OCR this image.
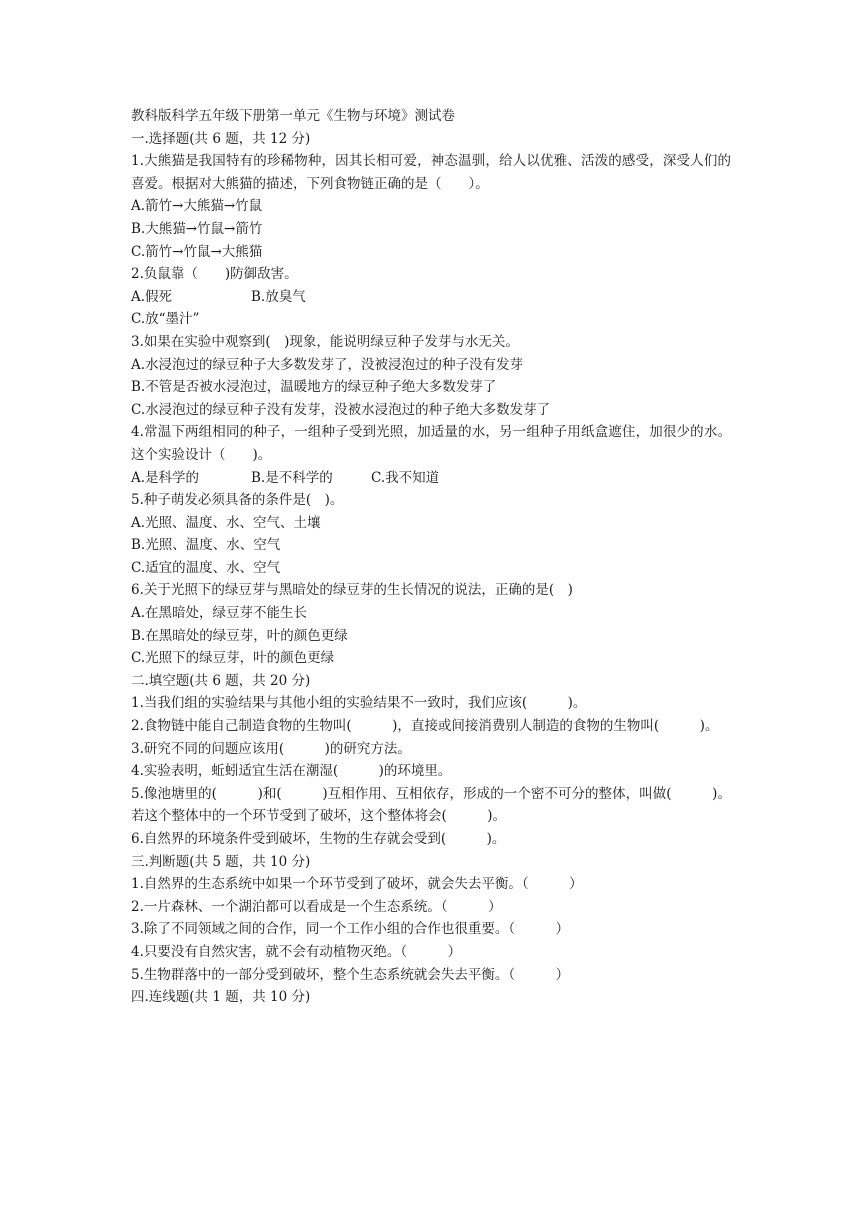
教科版科学五年级下册第一单元《生物与环境》测试卷
一.选择题(共 6 题，共 12 分)
1.大熊猫是我国特有的珍稀物种，因其长相可爱，神态温驯，给人以优雅、活泼的感受，深受人们的喜爱。根据对大熊猫的描述，下列食物链正确的是（　　）。
A.箭竹→大熊猫→竹鼠
B.大熊猫→竹鼠→箭竹
C.箭竹→竹鼠→大熊猫
2.负鼠靠（　　)防御敌害。
A.假死	B.放臭气
C.放“墨汁”
3.如果在实验中观察到(　)现象，能说明绿豆种子发芽与水无关。
A.水浸泡过的绿豆种子大多数发芽了，没被浸泡过的种子没有发芽
B.不管是否被水浸泡过，温暖地方的绿豆种子绝大多数发芽了
C.水浸泡过的绿豆种子没有发芽，没被水浸泡过的种子绝大多数发芽了
4.常温下两组相同的种子，一组种子受到光照，加适量的水，另一组种子用纸盒遮住，加很少的水。这个实验设计（　　)。
A.是科学的	B.是不科学的	C.我不知道
5.种子萌发必须具备的条件是(　)。
A.光照、温度、水、空气、土壤
B.光照、温度、水、空气
C.适宜的温度、水、空气
6.关于光照下的绿豆芽与黑暗处的绿豆芽的生长情况的说法，正确的是(　)
A.在黑暗处，绿豆芽不能生长
B.在黑暗处的绿豆芽，叶的颜色更绿
C.光照下的绿豆芽，叶的颜色更绿
二.填空题(共 6 题，共 20 分)
1.当我们组的实验结果与其他小组的实验结果不一致时，我们应该(　　　)。
2.食物链中能自己制造食物的生物叫(　　　)，直接或间接消费别人制造的食物的生物叫(　　　)。
3.研究不同的问题应该用(　　　)的研究方法。
4.实验表明，蚯蚓适宜生活在潮湿(　　　)的环境里。
5.像池塘里的(　　　)和(　　　)互相作用、互相依存，形成的一个密不可分的整体，叫做(　　　)。若这个整体中的一个环节受到了破坏，这个整体将会(　　　)。
6.自然界的环境条件受到破坏，生物的生存就会受到(　　　)。
三.判断题(共 5 题，共 10 分)
1.自然界的生态系统中如果一个环节受到了破坏，就会失去平衡。（　　　）
2.一片森林、一个湖泊都可以看成是一个生态系统。（　　　）
3.除了不同领域之间的合作，同一个工作小组的合作也很重要。（　　　）
4.只要没有自然灾害，就不会有动植物灭绝。（　　　）
5.生物群落中的一部分受到破坏，整个生态系统就会失去平衡。（　　　）
四.连线题(共 1 题，共 10 分)
